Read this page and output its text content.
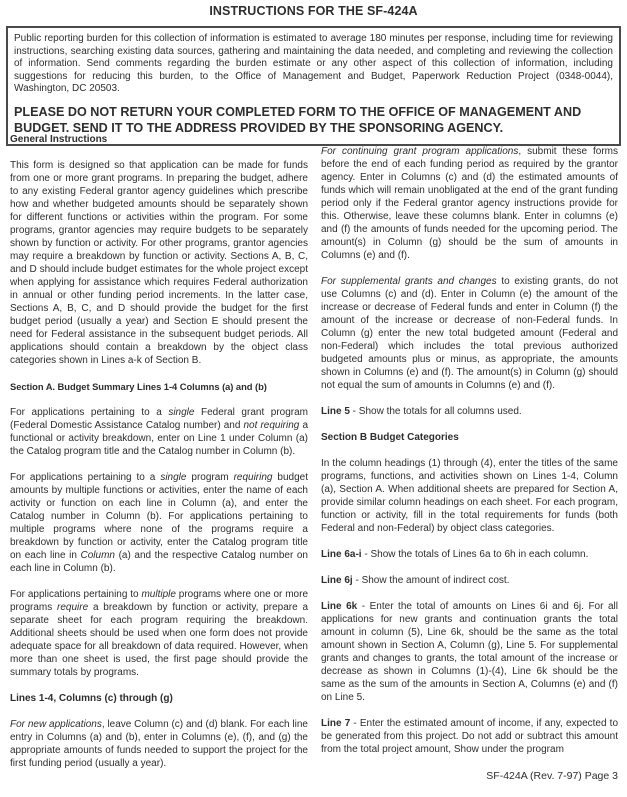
INSTRUCTIONS FOR THE SF-424A

Public reporting burden for this collection of information is estimated to average 180 minutes per response, including time for reviewing instructions, searching existing data sources, gathering and maintaining the data needed, and completing and reviewing the collection of information. Send comments regarding the burden estimate or any other aspect of this collection of information, including suggestions for reducing this burden, to the Office of Management and Budget, Paperwork Reduction Project (0348-0044), Washington, DC 20503.

PLEASE DO NOT RETURN YOUR COMPLETED FORM TO THE OFFICE OF MANAGEMENT AND BUDGET. SEND IT TO THE ADDRESS PROVIDED BY THE SPONSORING AGENCY.

General Instructions

This form is designed so that application can be made for funds from one or more grant programs. In preparing the budget, adhere to any existing Federal grantor agency guidelines which prescribe how and whether budgeted amounts should be separately shown for different functions or activities within the program. For some programs, grantor agencies may require budgets to be separately shown by function or activity. For other programs, grantor agencies may require a breakdown by function or activity. Sections A, B, C, and D should include budget estimates for the whole project except when applying for assistance which requires Federal authorization in annual or other funding period increments. In the latter case, Sections A, B, C, and D should provide the budget for the first budget period (usually a year) and Section E should present the need for Federal assistance in the subsequent budget periods. All applications should contain a breakdown by the object class categories shown in Lines a-k of Section B.

Section A. Budget Summary Lines 1-4 Columns (a) and (b)

For applications pertaining to a single Federal grant program (Federal Domestic Assistance Catalog number) and not requiring a functional or activity breakdown, enter on Line 1 under Column (a) the Catalog program title and the Catalog number in Column (b).

For applications pertaining to a single program requiring budget amounts by multiple functions or activities, enter the name of each activity or function on each line in Column (a), and enter the Catalog number in Column (b). For applications pertaining to multiple programs where none of the programs require a breakdown by function or activity, enter the Catalog program title on each line in Column (a) and the respective Catalog number on each line in Column (b).

For applications pertaining to multiple programs where one or more programs require a breakdown by function or activity, prepare a separate sheet for each program requiring the breakdown. Additional sheets should be used when one form does not provide adequate space for all breakdown of data required. However, when more than one sheet is used, the first page should provide the summary totals by programs.

Lines 1-4, Columns (c) through (g)

For new applications, leave Column (c) and (d) blank. For each line entry in Columns (a) and (b), enter in Columns (e), (f), and (g) the appropriate amounts of funds needed to support the project for the first funding period (usually a year).

For continuing grant program applications, submit these forms before the end of each funding period as required by the grantor agency. Enter in Columns (c) and (d) the estimated amounts of funds which will remain unobligated at the end of the grant funding period only if the Federal grantor agency instructions provide for this. Otherwise, leave these columns blank. Enter in columns (e) and (f) the amounts of funds needed for the upcoming period. The amount(s) in Column (g) should be the sum of amounts in Columns (e) and (f).

For supplemental grants and changes to existing grants, do not use Columns (c) and (d). Enter in Column (e) the amount of the increase or decrease of Federal funds and enter in Column (f) the amount of the increase or decrease of non-Federal funds. In Column (g) enter the new total budgeted amount (Federal and non-Federal) which includes the total previous authorized budgeted amounts plus or minus, as appropriate, the amounts shown in Columns (e) and (f). The amount(s) in Column (g) should not equal the sum of amounts in Columns (e) and (f).

Line 5 - Show the totals for all columns used.

Section B Budget Categories

In the column headings (1) through (4), enter the titles of the same programs, functions, and activities shown on Lines 1-4, Column (a), Section A. When additional sheets are prepared for Section A, provide similar column headings on each sheet. For each program, function or activity, fill in the total requirements for funds (both Federal and non-Federal) by object class categories.

Line 6a-i - Show the totals of Lines 6a to 6h in each column.

Line 6j - Show the amount of indirect cost.

Line 6k - Enter the total of amounts on Lines 6i and 6j. For all applications for new grants and continuation grants the total amount in column (5), Line 6k, should be the same as the total amount shown in Section A, Column (g), Line 5. For supplemental grants and changes to grants, the total amount of the increase or decrease as shown in Columns (1)-(4), Line 6k should be the same as the sum of the amounts in Section A, Columns (e) and (f) on Line 5.

Line 7 - Enter the estimated amount of income, if any, expected to be generated from this project. Do not add or subtract this amount from the total project amount, Show under the program

SF-424A (Rev. 7-97) Page 3
